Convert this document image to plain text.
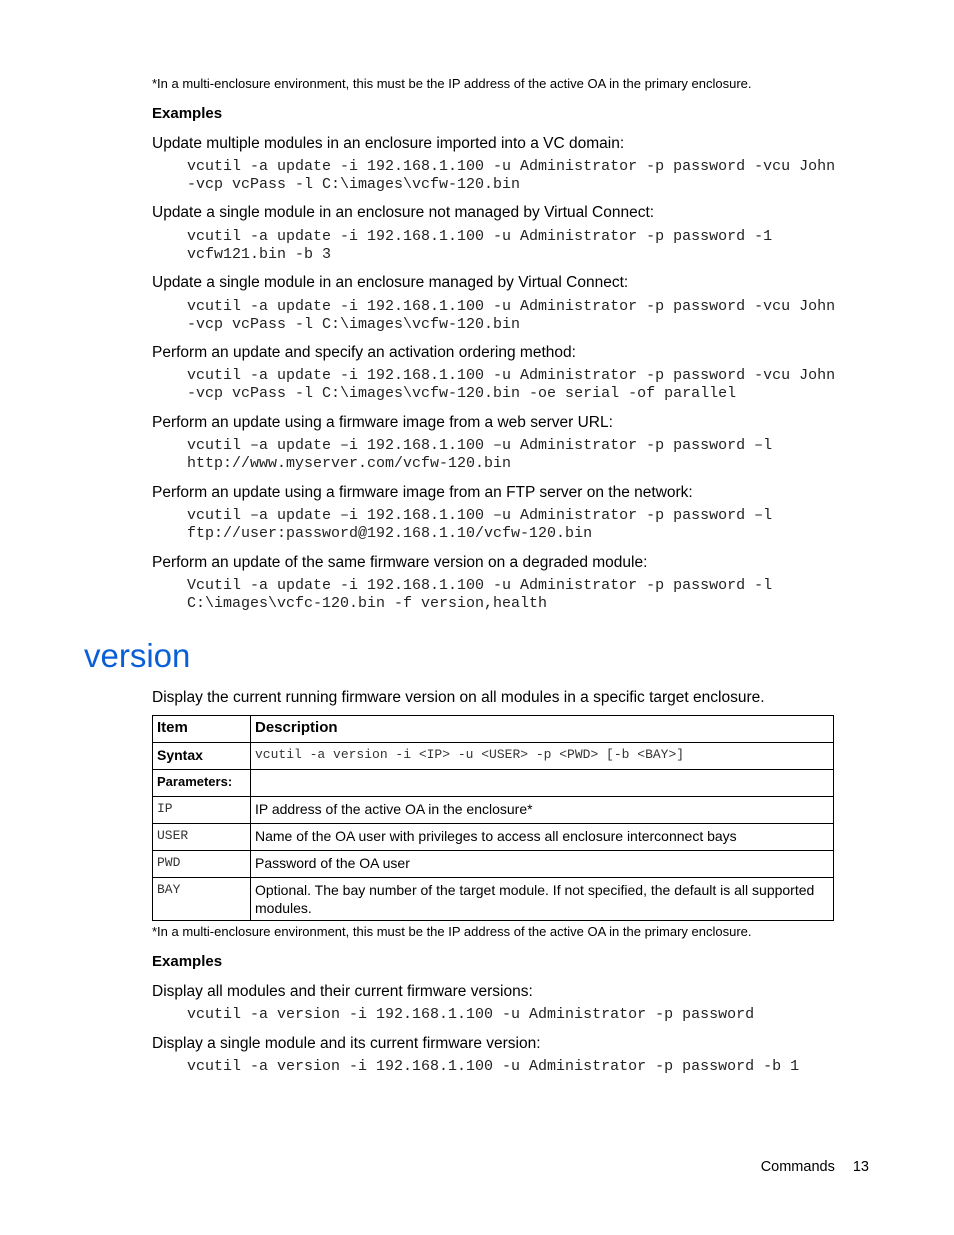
*In a multi-enclosure environment, this must be the IP address of the active OA in the primary enclosure.
Examples
Update multiple modules in an enclosure imported into a VC domain:
vcutil -a update -i 192.168.1.100 -u Administrator -p password -vcu John
-vcp vcPass -l C:\images\vcfw-120.bin
Update a single module in an enclosure not managed by Virtual Connect:
vcutil -a update -i 192.168.1.100 -u Administrator -p password -1
vcfw121.bin -b 3
Update a single module in an enclosure managed by Virtual Connect:
vcutil -a update -i 192.168.1.100 -u Administrator -p password -vcu John
-vcp vcPass -l C:\images\vcfw-120.bin
Perform an update and specify an activation ordering method:
vcutil -a update -i 192.168.1.100 -u Administrator -p password -vcu John
-vcp vcPass -l C:\images\vcfw-120.bin -oe serial -of parallel
Perform an update using a firmware image from a web server URL:
vcutil –a update –i 192.168.1.100 –u Administrator -p password –l
http://www.myserver.com/vcfw-120.bin
Perform an update using a firmware image from an FTP server on the network:
vcutil –a update –i 192.168.1.100 –u Administrator -p password –l
ftp://user:password@192.168.1.10/vcfw-120.bin
Perform an update of the same firmware version on a degraded module:
Vcutil -a update -i 192.168.1.100 -u Administrator -p password -l
C:\images\vcfc-120.bin -f version,health
version
Display the current running firmware version on all modules in a specific target enclosure.
Item	Description
Syntax	vcutil -a version -i <IP> -u <USER> -p <PWD> [-b <BAY>]
Parameters:	
IP	IP address of the active OA in the enclosure*
USER	Name of the OA user with privileges to access all enclosure interconnect bays
PWD	Password of the OA user
BAY	Optional. The bay number of the target module. If not specified, the default is all supported modules.
*In a multi-enclosure environment, this must be the IP address of the active OA in the primary enclosure.
Examples
Display all modules and their current firmware versions:
vcutil -a version -i 192.168.1.100 -u Administrator -p password
Display a single module and its current firmware version:
vcutil -a version -i 192.168.1.100 -u Administrator -p password -b 1
Commands 13
